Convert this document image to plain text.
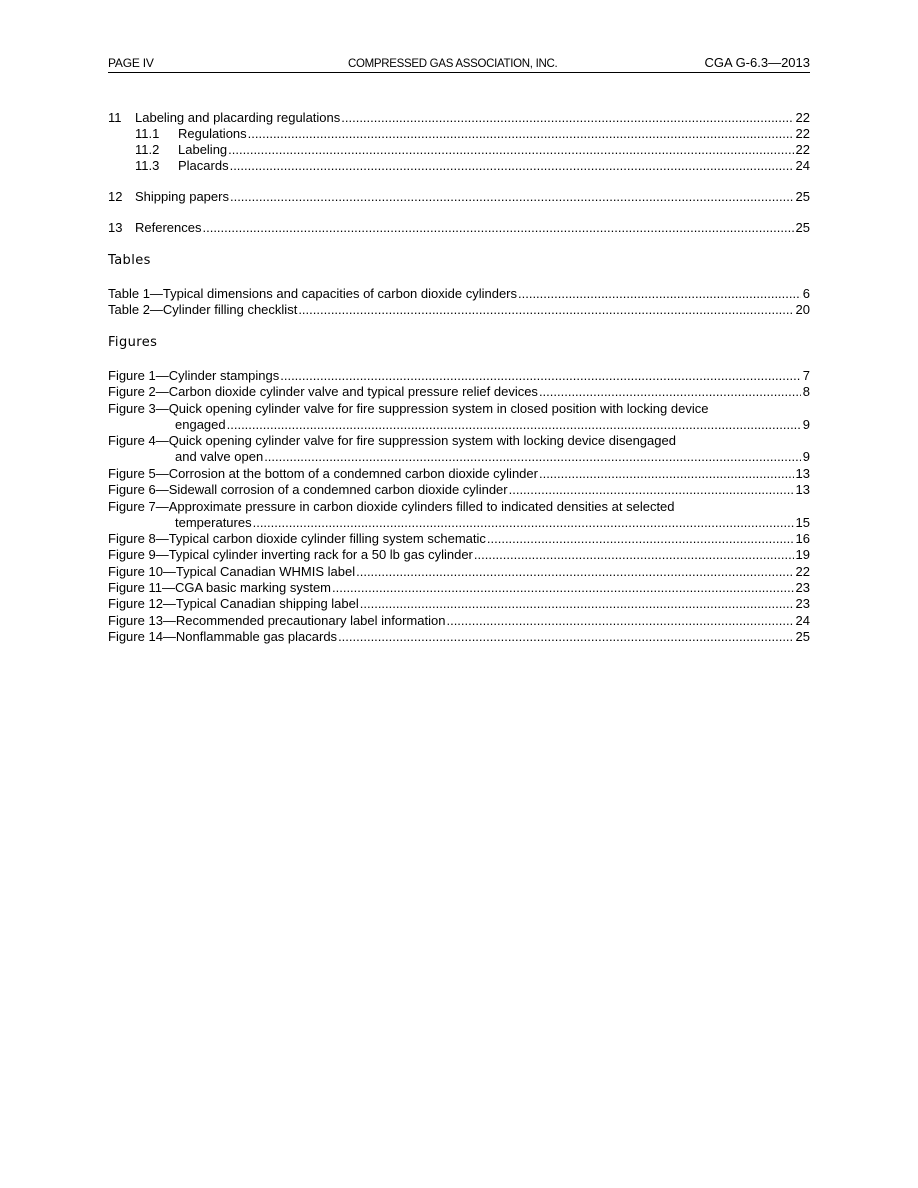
PAGE IV	COMPRESSED GAS ASSOCIATION, INC.	CGA G-6.3—2013
11	Labeling and placarding regulations .....	22
11.1	Regulations .....	22
11.2	Labeling .....	22
11.3	Placards .....	24
12 Shipping papers .....	25
13 References .....	25
Tables
Table 1—Typical dimensions and capacities of carbon dioxide cylinders .....	6
Table 2—Cylinder filling checklist .....	20
Figures
Figure 1—Cylinder stampings .....	7
Figure 2—Carbon dioxide cylinder valve and typical pressure relief devices .....	8
Figure 3—Quick opening cylinder valve for fire suppression system in closed position with locking device
engaged .....	9
Figure 4—Quick opening cylinder valve for fire suppression system with locking device disengaged
and valve open .....	9
Figure 5—Corrosion at the bottom of a condemned carbon dioxide cylinder .....	13
Figure 6—Sidewall corrosion of a condemned carbon dioxide cylinder .....	13
Figure 7—Approximate pressure in carbon dioxide cylinders filled to indicated densities at selected
temperatures .....	15
Figure 8—Typical carbon dioxide cylinder filling system schematic .....	16
Figure 9—Typical cylinder inverting rack for a 50 lb gas cylinder .....	19
Figure 10—Typical Canadian WHMIS label .....	22
Figure 11—CGA basic marking system .....	23
Figure 12—Typical Canadian shipping label .....	23
Figure 13—Recommended precautionary label information .....	24
Figure 14—Nonflammable gas placards .....	25
